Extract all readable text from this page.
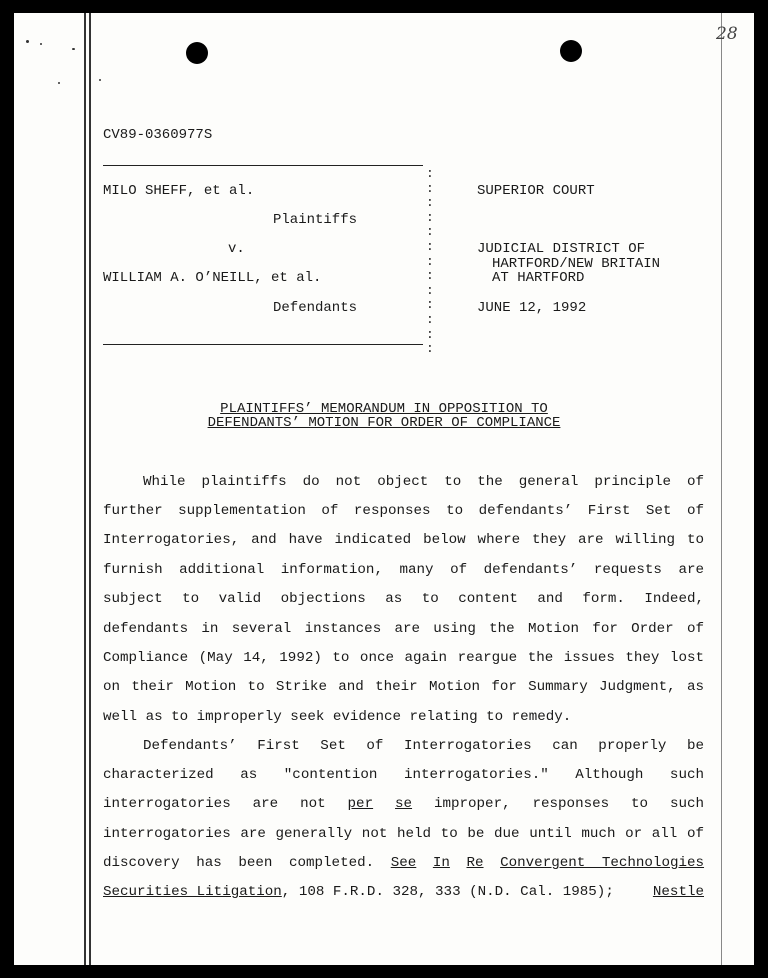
28
CV89-0360977S
:
:
:
:
:
:
:
:
:
:
:
:
:
MILO SHEFF, et al.
Plaintiffs
v.
WILLIAM A. O’NEILL, et al.
Defendants
SUPERIOR COURT
JUDICIAL DISTRICT OF
HARTFORD/NEW BRITAIN
AT HARTFORD
JUNE 12, 1992
PLAINTIFFS’ MEMORANDUM IN OPPOSITION TO
DEFENDANTS’ MOTION FOR ORDER OF COMPLIANCE
While plaintiffs do not object to the general principle of
further supplementation of responses to defendants’ First Set of
Interrogatories, and have indicated below where they are willing to
furnish additional information, many of defendants’ requests are
subject to valid objections as to content and form. Indeed,
defendants in several instances are using the Motion for Order of
Compliance (May 14, 1992) to once again reargue the issues they lost
on their Motion to Strike and their Motion for Summary Judgment, as
well as to improperly seek evidence relating to remedy.
Defendants’ First Set of Interrogatories can properly be
characterized as "contention interrogatories." Although such
interrogatories are not per se improper, responses to such
interrogatories are generally not held to be due until much or all of
discovery has been completed. See In Re Convergent Technologies
Securities Litigation, 108 F.R.D. 328, 333 (N.D. Cal. 1985);	Nestle
